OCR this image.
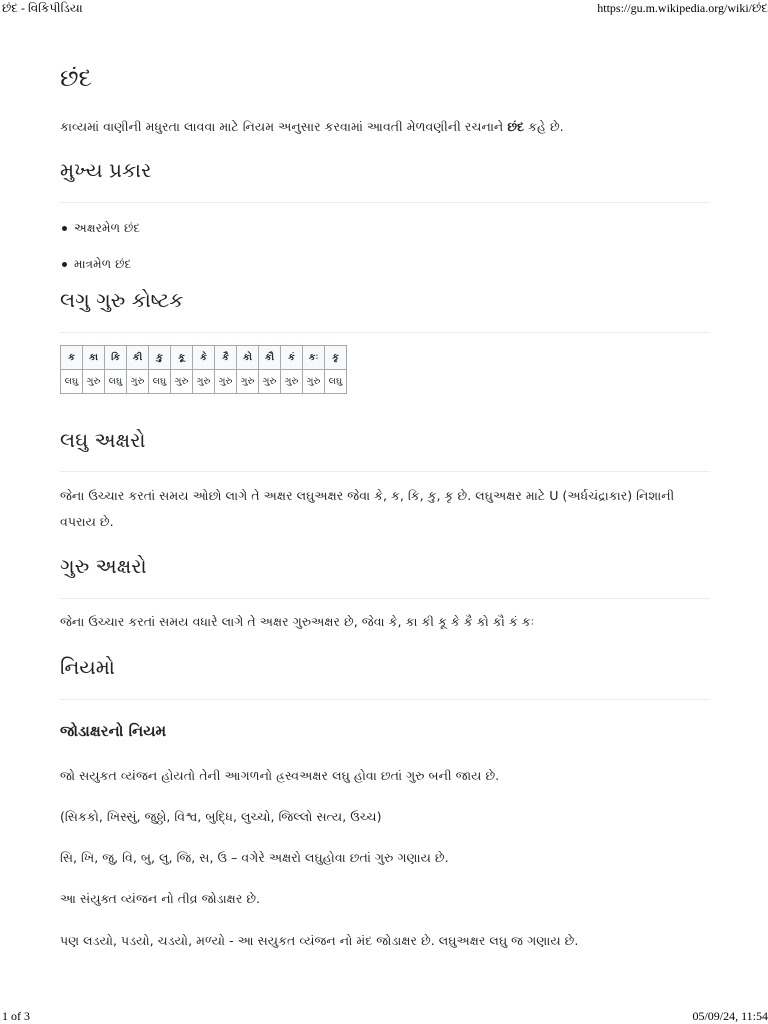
છંદ - વિકિપીડિયા	https://gu.m.wikipedia.org/wiki/છંદ
છંદ

કાવ્યમાં વાણીની મધુરતા લાવવા માટે નિયમ અનુસાર કરવામાં આવતી મેળવણીની રચનાને છંદ કહે છે.

મુખ્ય પ્રકાર
અક્ષરમેળ છંદ
માત્રમેળ છંદ
લગુ ગુરુ કોષ્ટક
ક	કા	કિ	કી	કુ	કૂ	કે	કૈ	કો	કૌ	કં	કઃ	કૃ
લઘુ	ગુરુ	લઘુ	ગુરુ	લઘુ	ગુરુ	ગુરુ	ગુરુ	ગુરુ	ગુરુ	ગુરુ	ગુરુ	લઘુ
લઘુ અક્ષરો

જેના ઉચ્ચાર કરતાં સમય ઓછો લાગે તે અક્ષર લઘુઅક્ષર જેવા કે, ક, કિ, કુ, કૃ છે. લઘુઅક્ષર માટે U (અર્ધચંદ્રાકાર) નિશાની
વપરાય છે.

ગુરુ અક્ષરો

જેના ઉચ્ચાર કરતાં સમય વધારે લાગે તે અક્ષર ગુરુઅક્ષર છે, જેવા કે, કા કી કૂ કે કૈ કો કૌ કં કઃ

નિયમો
જોડાક્ષરનો નિયમ

જો સયુકત વ્યંજન હોયતો તેની આગળનો હ્રસ્વઅક્ષર લઘુ હોવા છતાં ગુરુ બની જાય છે.

(સિકકો, ખિસ્સું, જુઠ્ઠો, વિશ્વ, બુદ્ધિ, લુચ્ચો, જિલ્લો સત્ય, ઉચ્ચ)

સિ, ખિ, જુ, વિ, બુ, લુ, જિ, સ, ઉ – વગેરે અક્ષરો લઘુહોવા છતાં ગુરુ ગણાય છે.

આ સંયુક્ત વ્યંજન નો તીવ્ર જોડાક્ષર છે.

પણ લડયો, પડયો, ચડયો, મળ્યો - આ સયુકત વ્યંજન નો મંદ જોડાક્ષર છે. લઘુઅક્ષર લઘુ જ ગણાય છે.

1 of 3	05/09/24, 11:54
